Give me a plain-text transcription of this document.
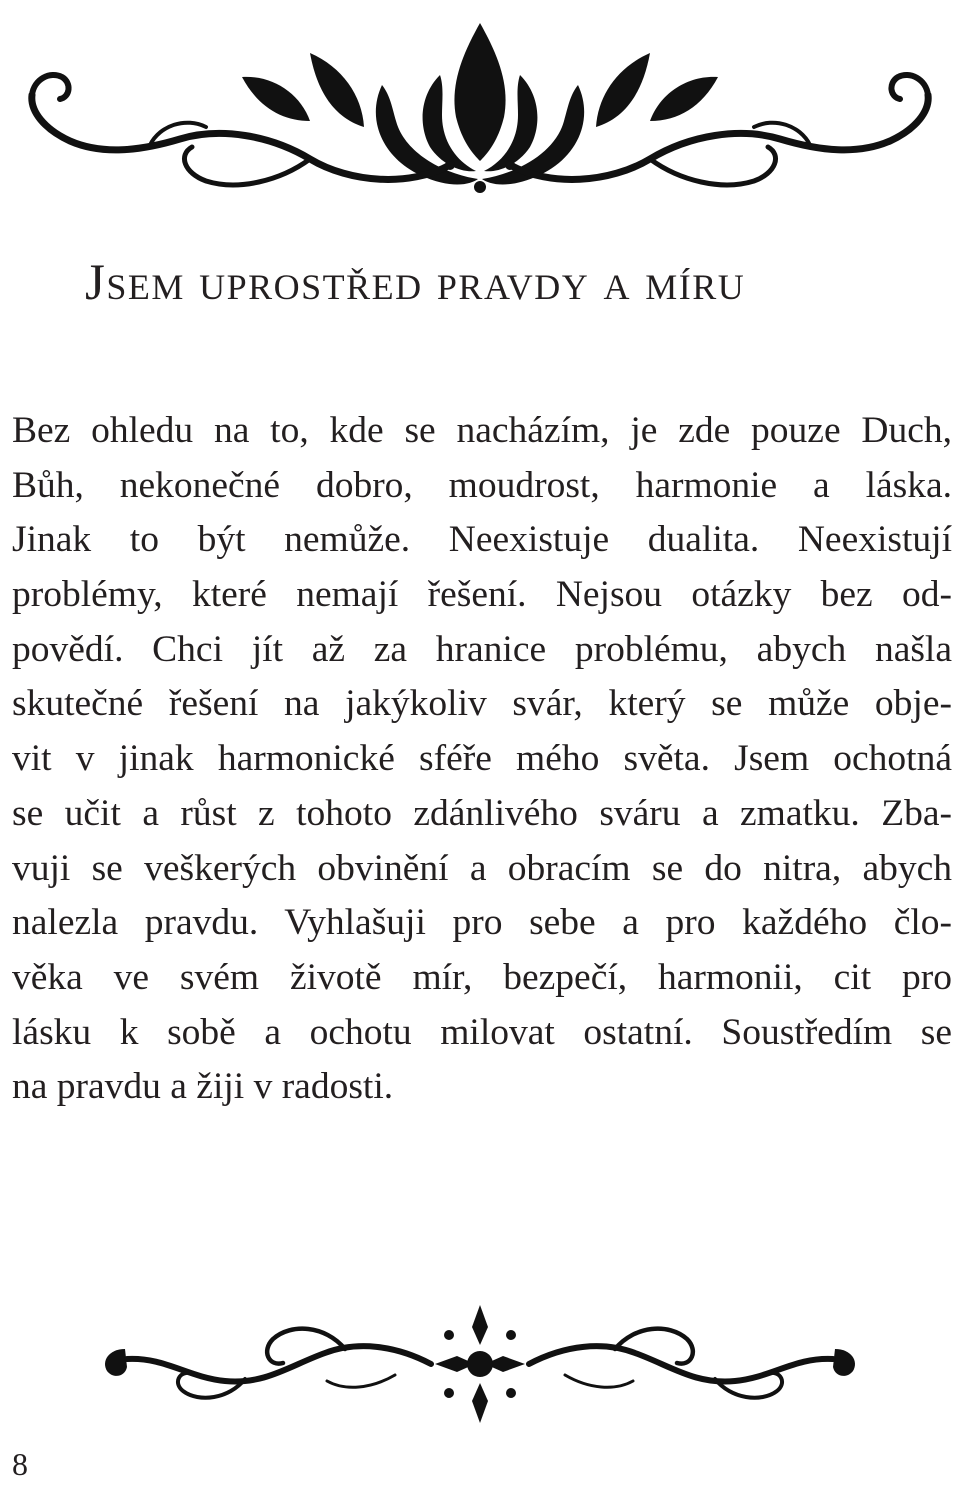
Jsem uprostřed pravdy a míru
Bez ohledu na to, kde se nacházím, je zde pouze Duch,
Bůh, nekonečné dobro, moudrost, harmonie a láska.
Jinak to být nemůže. Neexistuje dualita. Neexistují
problémy, které nemají řešení. Nejsou otázky bez od-
povědí. Chci jít až za hranice problému, abych našla
skutečné řešení na jakýkoliv svár, který se může obje-
vit v jinak harmonické sféře mého světa. Jsem ochotná
se učit a růst z tohoto zdánlivého sváru a zmatku. Zba-
vuji se veškerých obvinění a obracím se do nitra, abych
nalezla pravdu. Vyhlašuji pro sebe a pro každého člo-
věka ve svém životě mír, bezpečí, harmonii, cit pro
lásku k sobě a ochotu milovat ostatní. Soustředím se
na pravdu a žiji v radosti.
8
